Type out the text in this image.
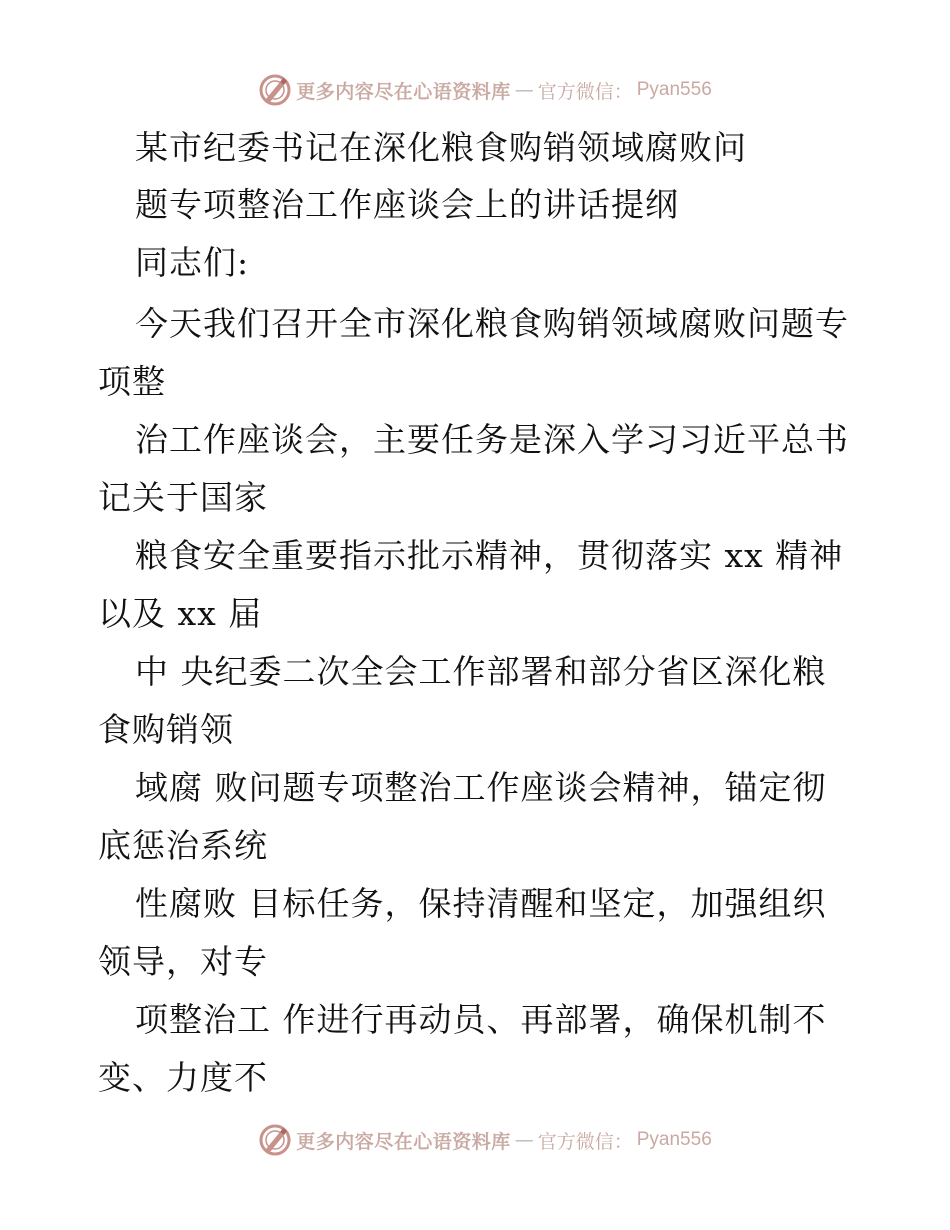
更多内容尽在心语资料库 — 官方微信： Pyan556
某市纪委书记在深化粮食购销领域腐败问
题专项整治工作座谈会上的讲话提纲
同志们:
今天我们召开全市深化粮食购销领域腐败问题专
项整
治工作座谈会，主要任务是深入学习习近平总书
记关于国家
粮食安全重要指示批示精神，贯彻落实 xx 精神
以及 xx 届
中 央纪委二次全会工作部署和部分省区深化粮
食购销领
域腐 败问题专项整治工作座谈会精神，锚定彻
底惩治系统
性腐败 目标任务，保持清醒和坚定，加强组织
领导，对专
项整治工 作进行再动员、再部署，确保机制不
变、力度不
更多内容尽在心语资料库 — 官方微信： Pyan556
